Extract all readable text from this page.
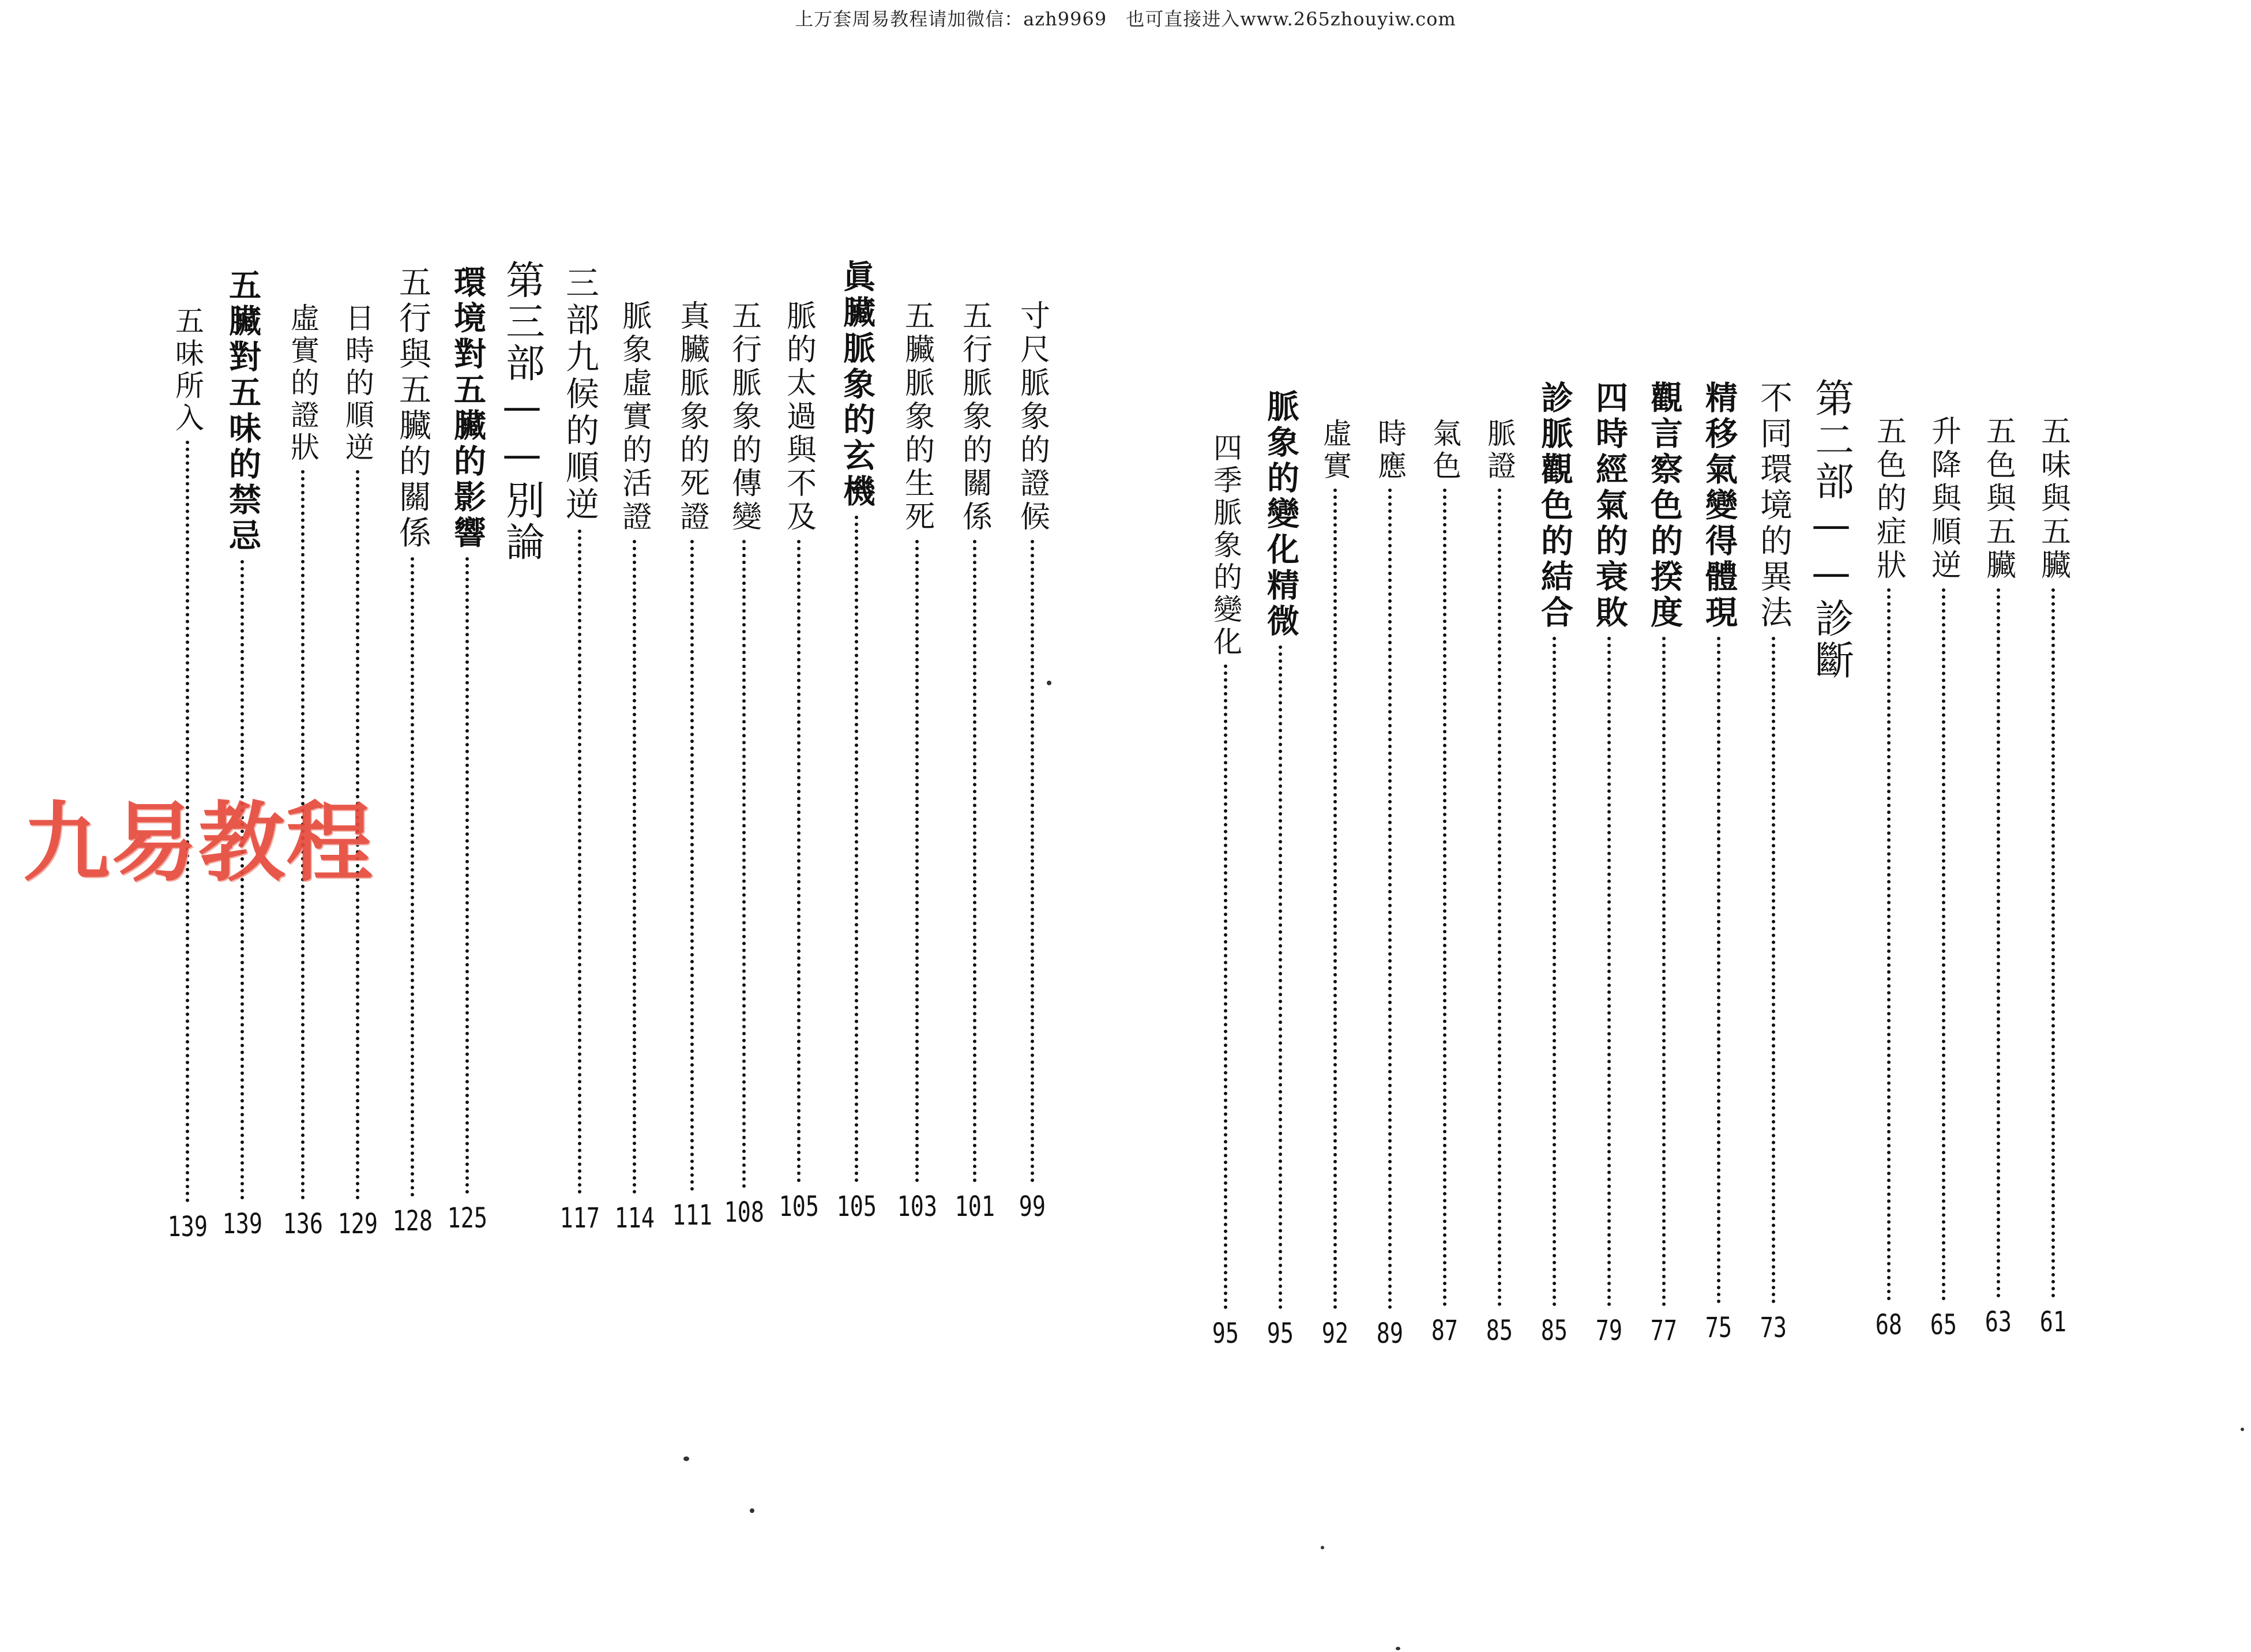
上万套周易教程请加微信：azh9969　也可直接进入www.265zhouyiw.com
寸尺脈象的證候
99
五行脈象的關係
101
五臟脈象的生死
103
眞臟脈象的玄機
105
脈的太過與不及
105
五行脈象的傳變
108
真臟脈象的死證
111
脈象虛實的活證
114
三部九候的順逆
117
第三部——別論
環境對五臟的影響
125
五行與五臟的關係
128
日時的順逆
129
虛實的證狀
136
五臟對五味的禁忌
139
五味所入
139
九易教程
五味與五臟
61
五色與五臟
63
升降與順逆
65
五色的症狀
68
第二部——診斷
不同環境的異法
73
精移氣變得體現
75
觀言察色的揆度
77
四時經氣的衰敗
79
診脈觀色的結合
85
脈證
85
氣色
87
時應
89
虛實
92
脈象的變化精微
95
四季脈象的變化
95
